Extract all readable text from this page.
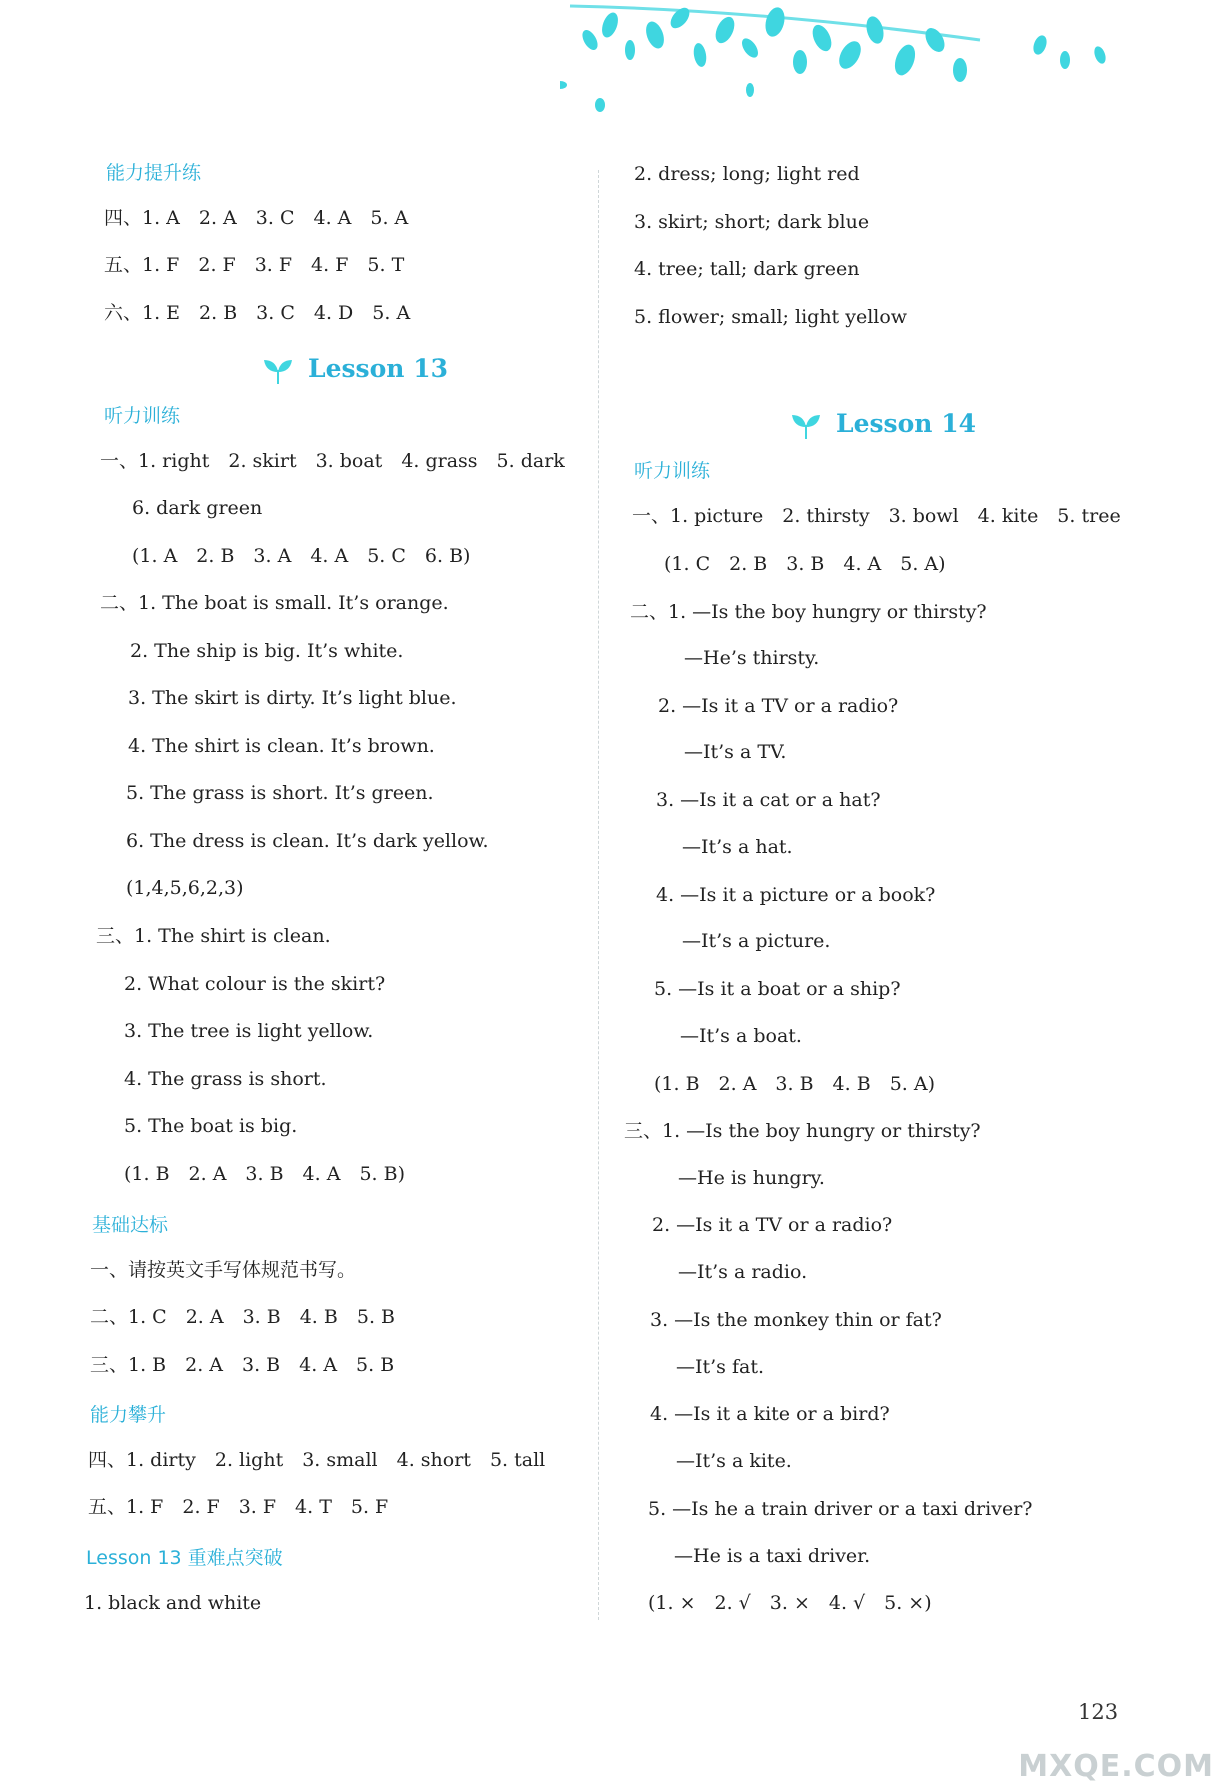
能力提升练
四、1. A　2. A　3. C　4. A　5. A
五、1. F　2. F　3. F　4. F　5. T
六、1. E　2. B　3. C　4. D　5. A
Lesson 13
听力训练
一、1. right　2. skirt　3. boat　4. grass　5. dark
6. dark green
(1. A　2. B　3. A　4. A　5. C　6. B)
二、1. The boat is small. It’s orange.
2. The ship is big. It’s white.
3. The skirt is dirty. It’s light blue.
4. The shirt is clean. It’s brown.
5. The grass is short. It’s green.
6. The dress is clean. It’s dark yellow.
(1,4,5,6,2,3)
三、1. The shirt is clean.
2. What colour is the skirt?
3. The tree is light yellow.
4. The grass is short.
5. The boat is big.
(1. B　2. A　3. B　4. A　5. B)
基础达标
一、请按英文手写体规范书写。
二、1. C　2. A　3. B　4. B　5. B
三、1. B　2. A　3. B　4. A　5. B
能力攀升
四、1. dirty　2. light　3. small　4. short　5. tall
五、1. F　2. F　3. F　4. T　5. F
Lesson 13 重难点突破
1. black and white
2. dress; long; light red
3. skirt; short; dark blue
4. tree; tall; dark green
5. flower; small; light yellow
Lesson 14
听力训练
一、1. picture　2. thirsty　3. bowl　4. kite　5. tree
(1. C　2. B　3. B　4. A　5. A)
二、1. —Is the boy hungry or thirsty?
—He’s thirsty.
2. —Is it a TV or a radio?
—It’s a TV.
3. —Is it a cat or a hat?
—It’s a hat.
4. —Is it a picture or a book?
—It’s a picture.
5. —Is it a boat or a ship?
—It’s a boat.
(1. B　2. A　3. B　4. B　5. A)
三、1. —Is the boy hungry or thirsty?
—He is hungry.
2. —Is it a TV or a radio?
—It’s a radio.
3. —Is the monkey thin or fat?
—It’s fat.
4. —Is it a kite or a bird?
—It’s a kite.
5. —Is he a train driver or a taxi driver?
—He is a taxi driver.
(1. ×　2. √　3. ×　4. √　5. ×)
123
MXQE.COM
